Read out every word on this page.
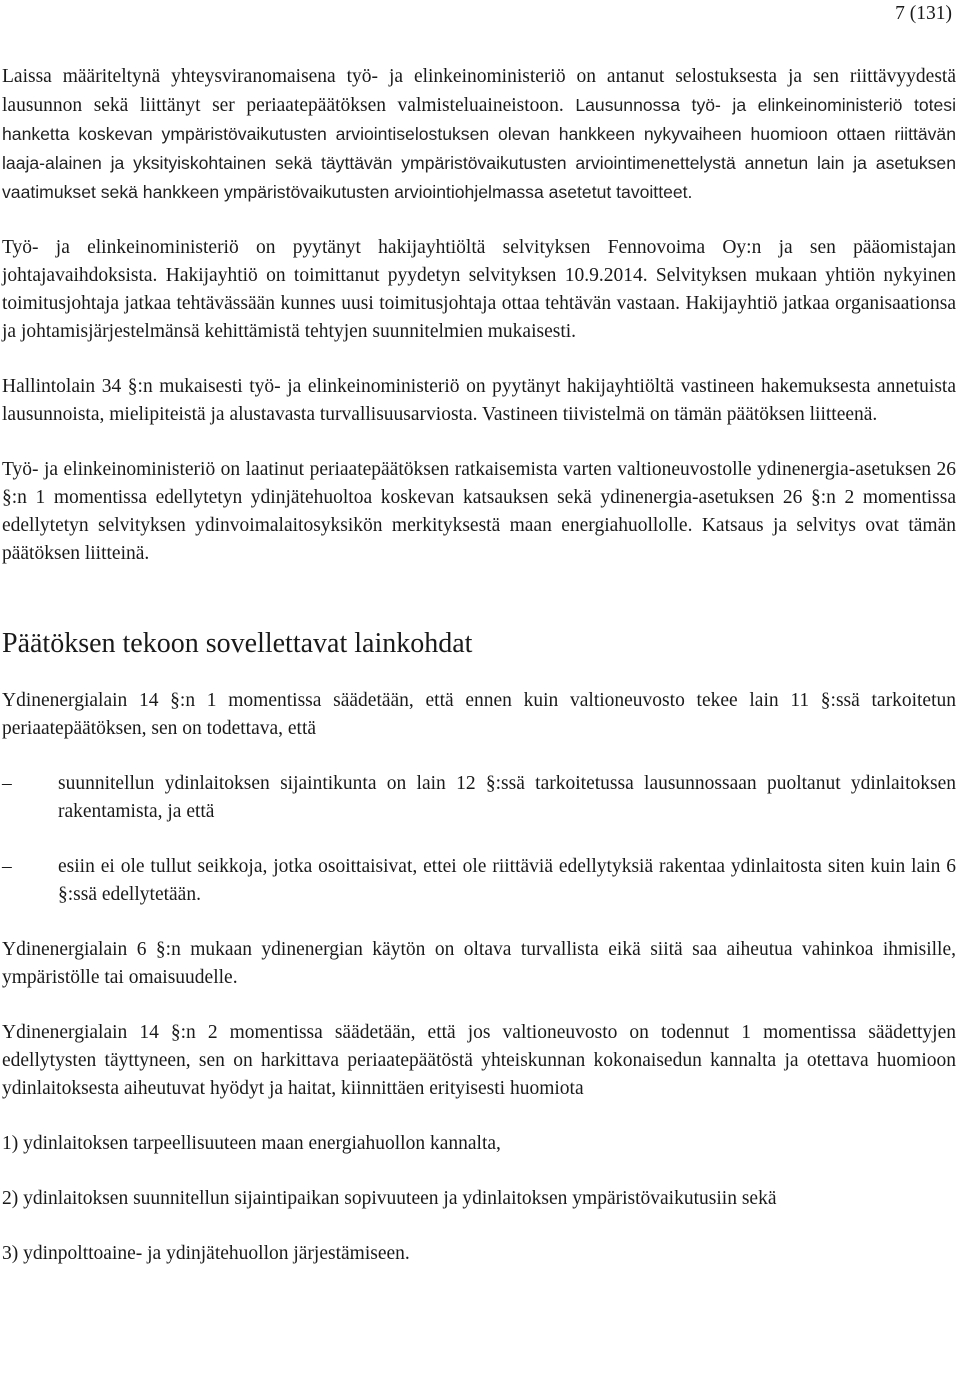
7 (131)

Laissa määriteltynä yhteysviranomaisena työ- ja elinkeinoministeriö on antanut selostuksesta ja sen riittävyydestä lausunnon sekä liittänyt ser periaatepäätöksen valmisteluaineistoon. Lausunnossa työ- ja elinkeinoministeriö totesi hanketta koskevan ympäristövaikutusten arviointiselostuksen olevan hankkeen nykyvaiheen huomioon ottaen riittävän laaja-alainen ja yksityiskohtainen sekä täyttävän ympäristövaikutusten arviointimenettelystä annetun lain ja asetuksen vaatimukset sekä hankkeen ympäristövaikutusten arviointiohjelmassa asetetut tavoitteet.

Työ- ja elinkeinoministeriö on pyytänyt hakijayhtiöltä selvityksen Fennovoima Oy:n ja sen pääomistajan johtajavaihdoksista. Hakijayhtiö on toimittanut pyydetyn selvityksen 10.9.2014. Selvityksen mukaan yhtiön nykyinen toimitusjohtaja jatkaa tehtävässään kunnes uusi toimitusjohtaja ottaa tehtävän vastaan. Hakijayhtiö jatkaa organisaationsa ja johtamisjärjestelmänsä kehittämistä tehtyjen suunnitelmien mukaisesti.

Hallintolain 34 §:n mukaisesti työ- ja elinkeinoministeriö on pyytänyt hakijayhtiöltä vastineen hakemuksesta annetuista lausunnoista, mielipiteistä ja alustavasta turvallisuusarviosta. Vastineen tiivistelmä on tämän päätöksen liitteenä.

Työ- ja elinkeinoministeriö on laatinut periaatepäätöksen ratkaisemista varten valtioneuvostolle ydinenergia-asetuksen 26 §:n 1 momentissa edellytetyn ydinjätehuoltoa koskevan katsauksen sekä ydinenergia-asetuksen 26 §:n 2 momentissa edellytetyn selvityksen ydinvoimalaitosyksikön merkityksestä maan energiahuollolle. Katsaus ja selvitys ovat tämän päätöksen liitteinä.

Päätöksen tekoon sovellettavat lainkohdat

Ydinenergialain 14 §:n 1 momentissa säädetään, että ennen kuin valtioneuvosto tekee lain 11 §:ssä tarkoitetun periaatepäätöksen, sen on todettava, että

– suunnitellun ydinlaitoksen sijaintikunta on lain 12 §:ssä tarkoitetussa lausunnossaan puoltanut ydinlaitoksen rakentamista, ja että
– esiin ei ole tullut seikkoja, jotka osoittaisivat, ettei ole riittäviä edellytyksiä rakentaa ydinlaitosta siten kuin lain 6 §:ssä edellytetään.

Ydinenergialain 6 §:n mukaan ydinenergian käytön on oltava turvallista eikä siitä saa aiheutua vahinkoa ihmisille, ympäristölle tai omaisuudelle.

Ydinenergialain 14 §:n 2 momentissa säädetään, että jos valtioneuvosto on todennut 1 momentissa säädettyjen edellytysten täyttyneen, sen on harkittava periaatepäätöstä yhteiskunnan kokonaisedun kannalta ja otettava huomioon ydinlaitoksesta aiheutuvat hyödyt ja haitat, kiinnittäen erityisesti huomiota

1) ydinlaitoksen tarpeellisuuteen maan energiahuollon kannalta,

2) ydinlaitoksen suunnitellun sijaintipaikan sopivuuteen ja ydinlaitoksen ympäristövaikutusiin sekä

3) ydinpolttoaine- ja ydinjätehuollon järjestämiseen.
